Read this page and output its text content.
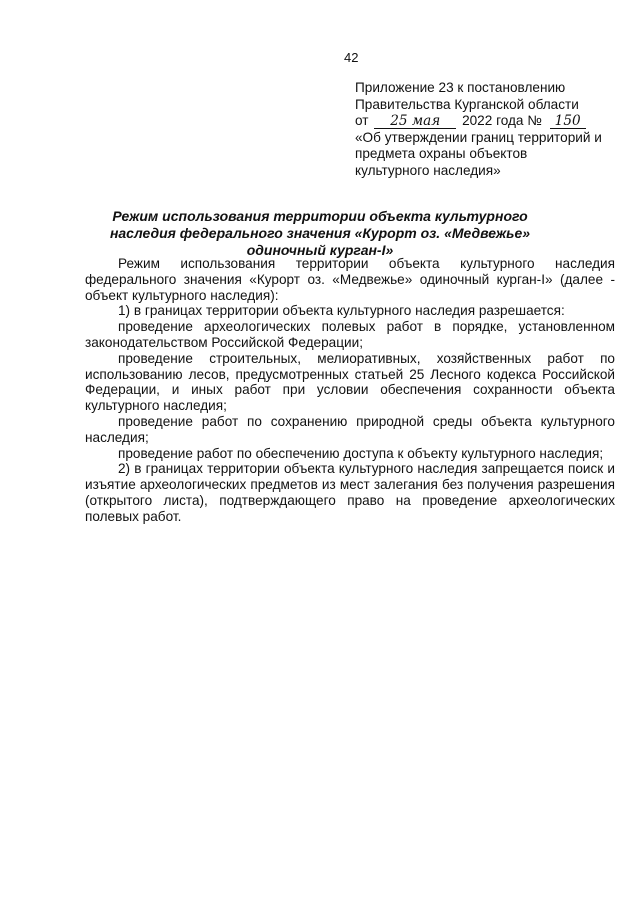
42
Приложение 23 к постановлению
Правительства Курганской области
от 25 мая 2022 года № 150
«Об утверждении границ территорий и
предмета охраны объектов
культурного наследия»
Режим использования территории объекта культурного наследия федерального значения «Курорт оз. «Медвежье» одиночный курган-I»

Режим использования территории объекта культурного наследия федерального значения «Курорт оз. «Медвежье» одиночный курган-I» (далее - объект культурного наследия):

1) в границах территории объекта культурного наследия разрешается:

проведение археологических полевых работ в порядке, установленном законодательством Российской Федерации;

проведение строительных, мелиоративных, хозяйственных работ по использованию лесов, предусмотренных статьей 25 Лесного кодекса Российской Федерации, и иных работ при условии обеспечения сохранности объекта культурного наследия;

проведение работ по сохранению природной среды объекта культурного наследия;

проведение работ по обеспечению доступа к объекту культурного наследия;

2) в границах территории объекта культурного наследия запрещается поиск и изъятие археологических предметов из мест залегания без получения разрешения (открытого листа), подтверждающего право на проведение археологических полевых работ.
